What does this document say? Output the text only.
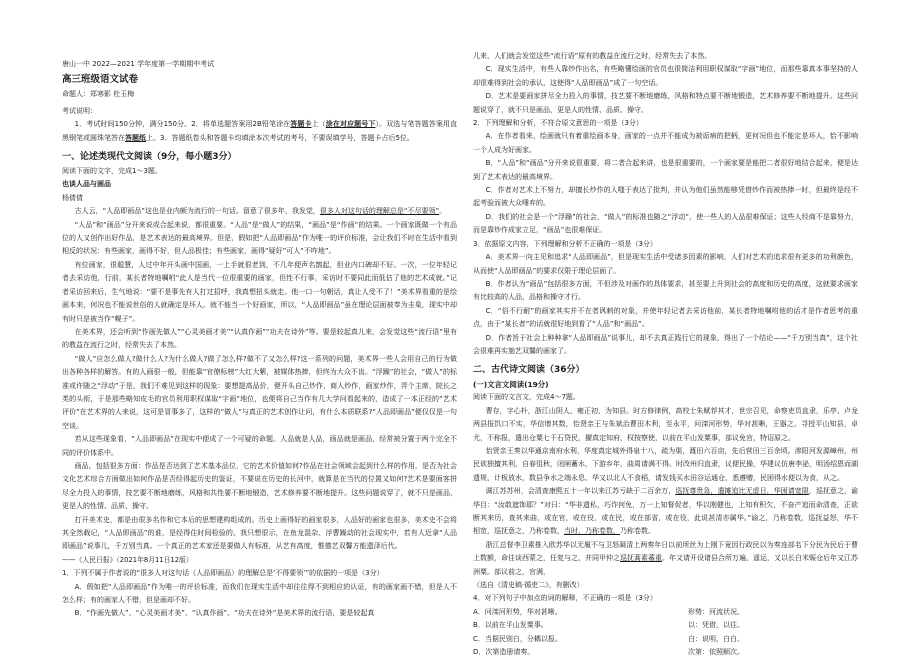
唐山一中 2022—2021 学年度第一学期期中考试

高三班级语文试卷

命题人：郑寒影 杜玉梅

考试说明：

1．考试时间150分钟，满分150分。2．将单选题答案用2B铅笔涂在答题卡上（涂在对应题号下）。双选与笔答题答案用直黑钢笔或圆珠笔答在答题纸上。3．答题纸卷头和答题卡均填涂本次考试的考号，不要误填学号，答题卡占后5位。

一、论述类现代文阅读（9分，每小题3分）

阅读下面的文字，完成1～3题。

也谈人品与画品

杨倩倩

古人云，“人品即画品”这也是业内颇为流行的一句话。留意了很多年，我发觉，很多人对这句话的理解总是“不尽要领”。

“人品”和“画品”分开来说或合起来说，都很重要。“人品”是“做人”的结果，“画品”是“作画”的结果。一个画家既做一个有品位的人又创作出好作品，是艺术表达的最高境界。但是，假如把“人品即画品”作为唯一的评价标准，会让我们不时在生活中看到相反的状况：有些画家，画得不好，但人品极佳；有些画家，画得“疑好”可人“不咋地”。

有位画家，很聪慧，人过中年开头画中国画，一上手就很老到，不几年便声名鹊起，但业内口碑却不好。一次，一位年轻记者去采访他，行前，某长者特地嘱咐“此人是当代一位很重要的画家，但性不行事，采访时不要同此而低估了他的艺术成就。”记者采访回来后，生气地说：“要不是事先有人打过招呼，我真想扭头就走。他一口一句朝话，真让人受不了！”美术界看重的是绘画本来，何况也不能说世俗的人就确定是坏人。就不能当一个好画家，所以，“人品即画品”虽在理论层面被奉为圭臬，现实中却有时只是被当作“幌子”。

在美术界，还会听到“作画先做人”“心灵美画才美”“认真作画”“功夫在诗外”等。要是较起真儿来，会发觉这些“流行语”里有的教益在流行之时，经常失去了本然。

“做人”应怎么做人?做什么人?为什么做人?做了怎么样?做不了又怎么样?这一系列的问题，美术界一些人会用自己的行为做出各种各样的解答。有的人画很一般，但能靠“官僚标榜”大红大紫，被媒体热捧，但终为大众不齿。“浮躁”的社会，“做人”的标准或许随之“浮动”于是，我们不难见到这样的现象：要想提高品价，便开头自己炒作，商人炒作，画家炒作，弄个主席，院长之类的头衔，于是那些略知皮毛的官员利用职权谋取“字画”地位，也便将自己当作有几大学问看起来的，造成了一本正经的“艺术评价”在艺术界的人来说，这可是冒事多了，这样的“做人”与真正的艺术创作让问，有什么本质联系?“人品即画品”便仅仅是一句空谈。

若从这些现象看，“人品即画品”在现实中便成了一个可疑的命题。人品就是人品，画品就是画品，经常被分置于两个完全不同的评价体系中。

画品，包括很多方面：作品是否达到了艺术基本品位，它的艺术价值如何?作品在社会领域会起到什么样的作用，是否为社会文化艺术综合方面做出如何作品是否经得起历史的鉴证，不要说在历史的长河中，就算是在当代的位置又如何?艺术是要面客拼尽全力投入的事情，技艺要不断地磨练，风格和共性要不断地锻造，艺术修养要不断地提升。这些问题说穿了，就不只是画品，更是人的性情、品质、操守。

打开美术史，都是由很多名作和它本后的思想建构组成的。历史上画得好的画家很多，人品好的画家也很多，美术史不会将其全然载记，“人品即画品”的谁，是经得住时间检验的。我只想很示，在鱼龙混杂、浮曹躁动的社会现实中，若有人近拿“人品即画品”说事儿，千万别当真。一个真正的艺术家还是要做人有标准，从艺有高度，惟德艺双馨方能遗泽后代。

——《人民日报》（2021年8月11日12版）

1．下列不属于作者说的“很多人对这句话（人品即画品）的理解总是‘不得要领’”的依据的一项是（3分）

A．假如把“人品即画品”作为唯一的评价标准，而我们在现实生活中却往往得不到相应的认证，有的画家画不错，但是人不怎么样；有的画家人不错，但是画却不好。

B．“作画先做人”、“心灵美画才美”、“认真作画”、“功夫在诗外”是美术界的流行语，要是较起真

儿来，人们就会发觉这些“流行语”原有的教益在流行之时，经常失去了本然。

C．现实生活中，有些人靠炒作出名，有些略懂绘画的官员也很简洁利用职权谋取“字画”地位，而那些靠真本事坚持的人却很难得到社会的承认，这使得“人品即画品”成了一句空话。

D．艺术是要画家拼尽全力投入的事情，技艺要不断地磨练，风格和特点要不断地锻造，艺术修养要不断地提升。这些问题说穿了，就不只是画品，更是人的性情、品质、操守。

2．下列理解和分析，不符合原文意思的一项是（3分）

A．在作者看来，绘画就只有着重绘画本身，画家的一点并不能成为被诟病的把柄，更何况但也不能定是坏人，恰不影响一个人成为好画家。

B．“人品”和“画品”分开来说很重要，将二者合起来讲，也是很重要的，一个画家要是能把二者很好地结合起来，便是达到了艺术表达的最高境界。

C．作者对艺术上不努力，却擅长炒作的人嗤于表达了批判，并认为他们虽然能够凭借炒作而被热捧一时，但最终是经不起考验而被大众唾弃的。

D．我们的社会是一个“浮躁”的社会，“做人”的标准也随之“浮动”，使一些人的人品很难保证；这些人经商不是靠努力，而是靠炒作成家立足，“画品”也很难保证。

3．依据原文内容，下列理解和分析不正确的一项是（3分）

A．美术界一向主见和追求“人品即画品”，但是现实生活中受诸多因素的影响，人们对艺术的追求很有更多的功利颜色，从而使“人品即画品”的要求仅限于理论层面了。

B．作者认为“画品”包括很多方面，不但涉及对画作的具体要求，甚至要上升到社会的高度和历史的高度，这就要求画家有比较高的人品，品格和操守才行。

C．“俗不行耐”的画家其实并不在者讽刺的对象，并使年轻记者去采访他前，某长者特地嘱咐他的话才是作者思考的重点，由于“某长者”的话就很好地到看了“人品”和“画品”。

D．作者旨于社会上种种拿“人品即画品”说事儿，却不去真正践行它的现象，得出了一个结论——“千万别当真”，这个社会很难再实施艺双馨的画家了。

二、古代诗文阅读（36分）

(一)文言文阅读(19分)

阅读下面的文言文，完成4～7题。

曹存，字心朴，浙江山阴人，雍正初，为知县。时方修律例，高校士朱赋荐其才，世宗召见，命察吏员直隶，乐亭、卢龙两县报饥口不实，华信增其数，怡贤亲王与朱斌治曹田木利，至永平，问滦河形势，华对甚晰，王器之。寻授平山知县，卓尤，不称报，遣出仓粟七千石贷民，擢真定知府，权按察使，以前在平山发粟事，部议免官，特诏原之。

怡贤亲王奏以华通京南府水利，华度真定城外得泉十八，疏为渠，溉田六百亩，先后营田三百余顷。渗阳河发源嶂州，州民欲独擅其利，自春徂秋，闭闸蓄水，下游乡年，曲周请满不得。时改州归直隶，议便民操，华建议仿唐李泌，明汤绍恩而湖遗规，计板放水，数县争水之端永息。华又以北人不食稻，请发钱买水田谷运通仓，悉遵赠，民困得水便以为食，从之。

调江苏苏州，会清查康熙五十一年以来江苏亏缺于二百余万，巡抚尊贵急，遣摊追比无虚日，华困请宽限，巡抚意之，谕华目：“汝敢遮饰耶？”对曰：“华非遗私，巧诈何免，万一上知督促者，华以刚健也，上知有积欠，不奋产追而命清查，正欲断其来历，查其来曲，或在官，或在役，或在民，或在部省，或在役，此说甚清亦属华。”谕之，乃称卷数，巡抚益怒，华不相宽，巡抚意之，乃称卷数，当时，乃称卷数，乃称卷数。

浙江总督李卫素推入欧苏华以无履不与卫怒凝清上两奏年日以前所丝为上刚下竟因行政民以为奏连部名下分民为民后于曹上数额，命往谈西蒙之，任复与之，并同甲仲之巡抚蒿素蕃重。年又请开设诸县合所万遍，遥运，又以长白米赈仓后年又江苏洲粟。部议前之，官满，

（选自《清史稿·循吏二》，有删改）

4．对下列句子中加点的词的解释，不正确的一项是（3分）

A．问滦河形势，华对甚晰。	形势：河流状况。
B．以前在平山发粟事。	以：凭借，以往。
C．当据民别白，分耦以报。	白：说明，白白。
D．次第造册请奏。	次第：依照顺次。
